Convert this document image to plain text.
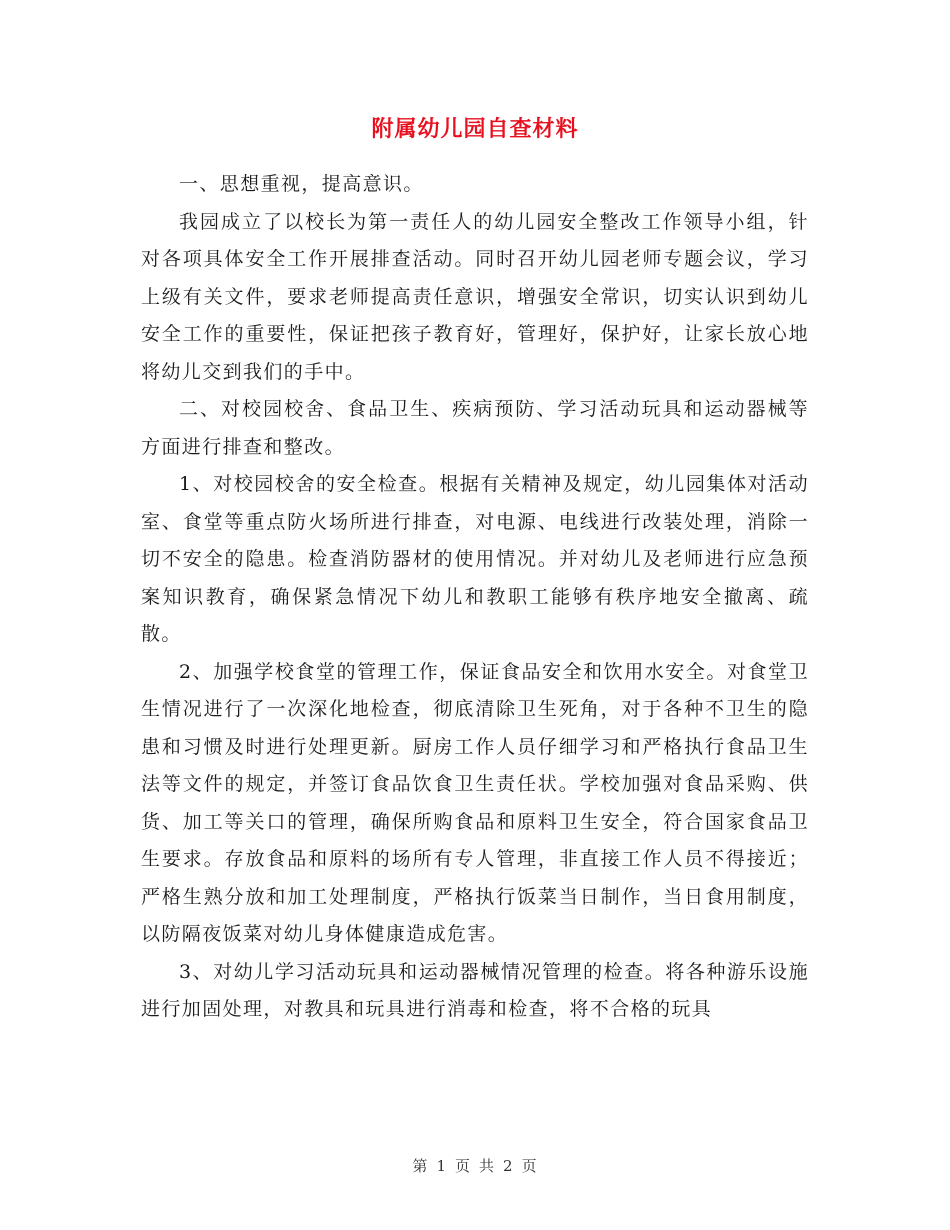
附属幼儿园自查材料

一、思想重视，提高意识。

我园成立了以校长为第一责任人的幼儿园安全整改工作领导小组，针对各项具体安全工作开展排查活动。同时召开幼儿园老师专题会议，学习上级有关文件，要求老师提高责任意识，增强安全常识，切实认识到幼儿安全工作的重要性，保证把孩子教育好，管理好，保护好，让家长放心地将幼儿交到我们的手中。

二、对校园校舍、食品卫生、疾病预防、学习活动玩具和运动器械等方面进行排查和整改。

1、对校园校舍的安全检查。根据有关精神及规定，幼儿园集体对活动室、食堂等重点防火场所进行排查，对电源、电线进行改装处理，消除一切不安全的隐患。检查消防器材的使用情况。并对幼儿及老师进行应急预案知识教育，确保紧急情况下幼儿和教职工能够有秩序地安全撤离、疏散。

2、加强学校食堂的管理工作，保证食品安全和饮用水安全。对食堂卫生情况进行了一次深化地检查，彻底清除卫生死角，对于各种不卫生的隐患和习惯及时进行处理更新。厨房工作人员仔细学习和严格执行食品卫生法等文件的规定，并签订食品饮食卫生责任状。学校加强对食品采购、供货、加工等关口的管理，确保所购食品和原料卫生安全，符合国家食品卫生要求。存放食品和原料的场所有专人管理，非直接工作人员不得接近；严格生熟分放和加工处理制度，严格执行饭菜当日制作，当日食用制度，以防隔夜饭菜对幼儿身体健康造成危害。

3、对幼儿学习活动玩具和运动器械情况管理的检查。将各种游乐设施进行加固处理，对教具和玩具进行消毒和检查，将不合格的玩具

第 1 页 共 2 页
